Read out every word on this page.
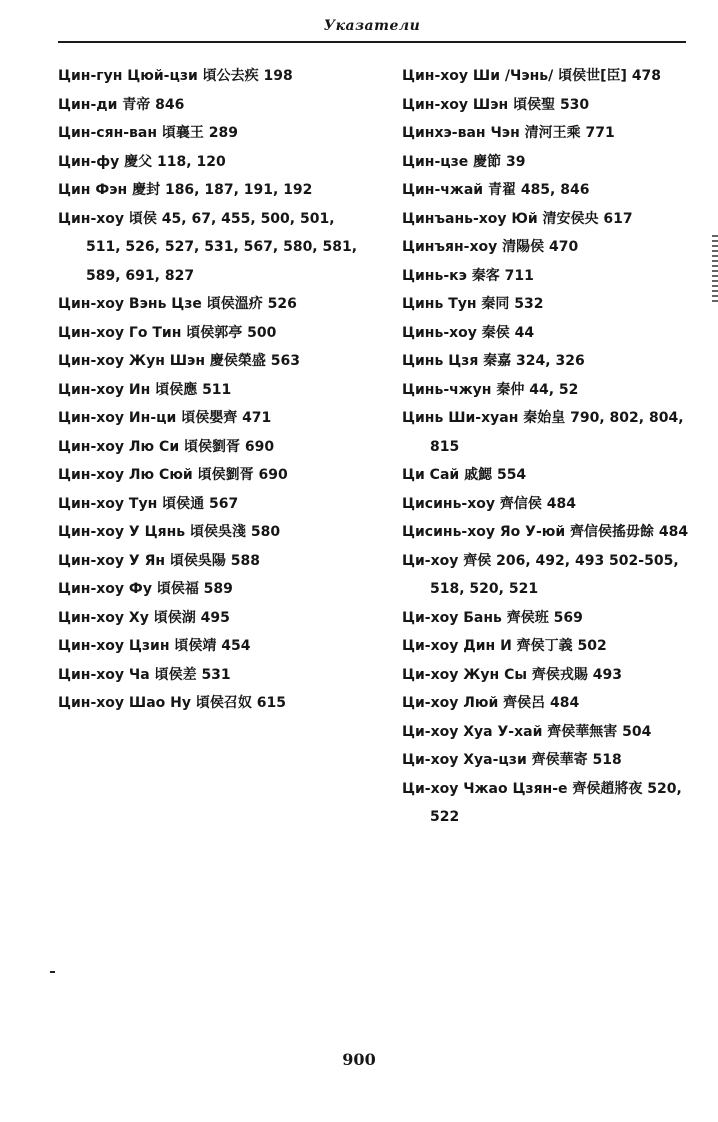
Указатели

Цин-гун Цюй-цзи 頃公去疾 198

Цин-ди 青帝 846

Цин-сян-ван 頃襄王 289

Цин-фу 慶父 118, 120

Цин Фэн 慶封 186, 187, 191, 192

Цин-хоу 頃侯 45, 67, 455, 500, 501, 511, 526, 527, 531, 567, 580, 581, 589, 691, 827

Цин-хоу Вэнь Цзе 頃侯溫疥 526

Цин-хоу Го Тин 頃侯郭亭 500

Цин-хоу Жун Шэн 慶侯榮盛 563

Цин-хоу Ин 頃侯應 511

Цин-хоу Ин-ци 頃侯嬰齊 471

Цин-хоу Лю Си 頃侯劉胥 690

Цин-хоу Лю Сюй 頃侯劉胥 690

Цин-хоу Тун 頃侯通 567

Цин-хоу У Цянь 頃侯吳淺 580

Цин-хоу У Ян 頃侯吳陽 588

Цин-хоу Фу 頃侯福 589

Цин-хоу Ху 頃侯湖 495

Цин-хоу Цзин 頃侯靖 454

Цин-хоу Ча 頃侯差 531

Цин-хоу Шао Ну 頃侯召奴 615

Цин-хоу Ши /Чэнь/ 頃侯世[臣] 478

Цин-хоу Шэн 頃侯聖 530

Цинхэ-ван Чэн 清河王乘 771

Цин-цзе 慶節 39

Цин-чжай 青翟 485, 846

Цинъань-хоу Юй 清安侯央 617

Цинъян-хоу 清陽侯 470

Цинь-кэ 秦客 711

Цинь Тун 秦同 532

Цинь-хоу 秦侯 44

Цинь Цзя 秦嘉 324, 326

Цинь-чжун 秦仲 44, 52

Цинь Ши-хуан 秦始皇 790, 802, 804, 815

Ци Сай 戚鰓 554

Цисинь-хоу 齊信侯 484

Цисинь-хоу Яо У-юй 齊信侯搖毋餘 484

Ци-хоу 齊侯 206, 492, 493 502-505, 518, 520, 521

Ци-хоу Бань 齊侯班 569

Ци-хоу Дин И 齊侯丁義 502

Ци-хоу Жун Сы 齊侯戎賜 493

Ци-хоу Люй 齊侯呂 484

Ци-хоу Хуа У-хай 齊侯華無害 504

Ци-хоу Хуа-цзи 齊侯華寄 518

Ци-хоу Чжао Цзян-е 齊侯趙將夜 520, 522

900
